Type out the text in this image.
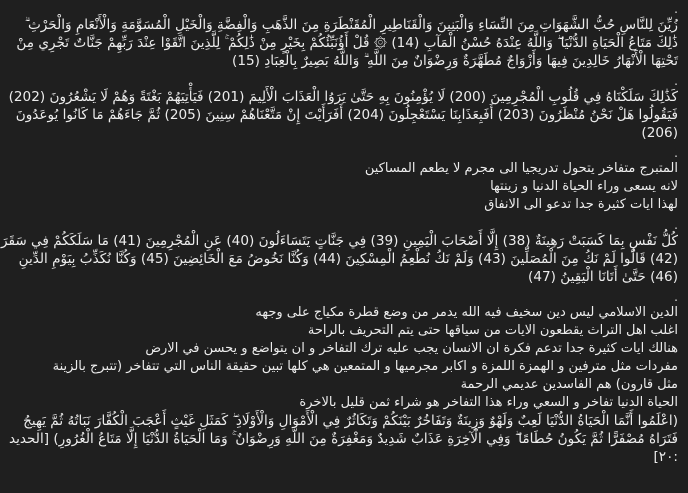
.
زُيِّنَ لِلنَّاسِ حُبُّ الشَّهَوَاتِ مِنَ النِّسَاءِ وَالْبَنِينَ وَالْقَنَاطِيرِ الْمُقَنْطَرَةِ مِنَ الذَّهَبِ وَالْفِضَّةِ وَالْخَيْلِ الْمُسَوَّمَةِ وَالْأَنْعَامِ وَالْحَرْثِ ۗ
ذَٰلِكَ مَتَاعُ الْحَيَاةِ الدُّنْيَا ۖ وَاللَّهُ عِنْدَهُ حُسْنُ الْمَآبِ (14) ۞ قُلْ أَؤُنَبِّئُكُمْ بِخَيْرٍ مِنْ ذَٰلِكُمْ ۚ لِلَّذِينَ اتَّقَوْا عِنْدَ رَبِّهِمْ جَنَّاتٌ تَجْرِي مِنْ
تَحْتِهَا الْأَنْهَارُ خَالِدِينَ فِيهَا وَأَزْوَاجٌ مُطَهَّرَةٌ وَرِضْوَانٌ مِنَ اللَّهِ ۗ وَاللَّهُ بَصِيرٌ بِالْعِبَادِ (15)
.
كَذَٰلِكَ سَلَكْنَاهُ فِي قُلُوبِ الْمُجْرِمِينَ (200) لَا يُؤْمِنُونَ بِهِ حَتَّىٰ يَرَوُا الْعَذَابَ الْأَلِيمَ (201) فَيَأْتِيَهُمْ بَغْتَةً وَهُمْ لَا يَشْعُرُونَ (202)
فَيَقُولُوا هَلْ نَحْنُ مُنْظَرُونَ (203) أَفَبِعَذَابِنَا يَسْتَعْجِلُونَ (204) أَفَرَأَيْتَ إِنْ مَتَّعْنَاهُمْ سِنِينَ (205) ثُمَّ جَاءَهُمْ مَا كَانُوا يُوعَدُونَ
(206)
.
المتبرج متفاخر يتحول تدريجيا الى مجرم لا يطعم المساكين
لانه يسعى وراء الحياة الدنيا و زينتها
لهذا ايات كثيرة جدا تدعو الى الانفاق
.
كُلُّ نَفْسٍ بِمَا كَسَبَتْ رَهِينَةٌ (38) إِلَّا أَصْحَابَ الْيَمِينِ (39) فِي جَنَّاتٍ يَتَسَاءَلُونَ (40) عَنِ الْمُجْرِمِينَ (41) مَا سَلَكَكُمْ فِي سَقَرَ
(42) قَالُوا لَمْ نَكُ مِنَ الْمُصَلِّينَ (43) وَلَمْ نَكُ نُطْعِمُ الْمِسْكِينَ (44) وَكُنَّا نَخُوضُ مَعَ الْخَائِضِينَ (45) وَكُنَّا نُكَذِّبُ بِيَوْمِ الدِّينِ
(46) حَتَّىٰ أَتَانَا الْيَقِينُ (47)
.
الدين الاسلامي ليس دين سخيف فيه الله يدمر من وضع قطرة مكياج على وجهه
اغلب اهل التراث يقطعون الايات من سياقها حتى يتم التحريف بالراحة
هنالك ايات كثيرة جدا تدعم فكرة ان الانسان يجب عليه ترك التفاخر و ان يتواضع و يحسن في الارض
مفردات مثل مترفين و الهمزة اللمزة و اكابر مجرميها و المتمعين هي كلها تبين حقيقة الناس التي تتفاخر (تتبرج بالزينة
مثل قارون) هم الفاسدين عديمي الرحمة
الحياة الدنيا تفاخر و السعي وراء هذا التفاخر هو شراء ثمن قليل بالاخرة
(اعْلَمُوا أَنَّمَا الْحَيَاةُ الدُّنْيَا لَعِبٌ وَلَهْوٌ وَزِينَةٌ وَتَفَاخُرٌ بَيْنَكُمْ وَتَكَاثُرٌ فِي الْأَمْوَالِ وَالْأَوْلَادِ ۖ كَمَثَلِ غَيْثٍ أَعْجَبَ الْكُفَّارَ نَبَاتُهُ ثُمَّ يَهِيجُ
فَتَرَاهُ مُصْفَرًّا ثُمَّ يَكُونُ حُطَامًا ۖ وَفِي الْآخِرَةِ عَذَابٌ شَدِيدٌ وَمَغْفِرَةٌ مِنَ اللَّهِ وَرِضْوَانٌ ۚ وَمَا الْحَيَاةُ الدُّنْيَا إِلَّا مَتَاعُ الْغُرُورِ) [الحديد
:٢٠]
